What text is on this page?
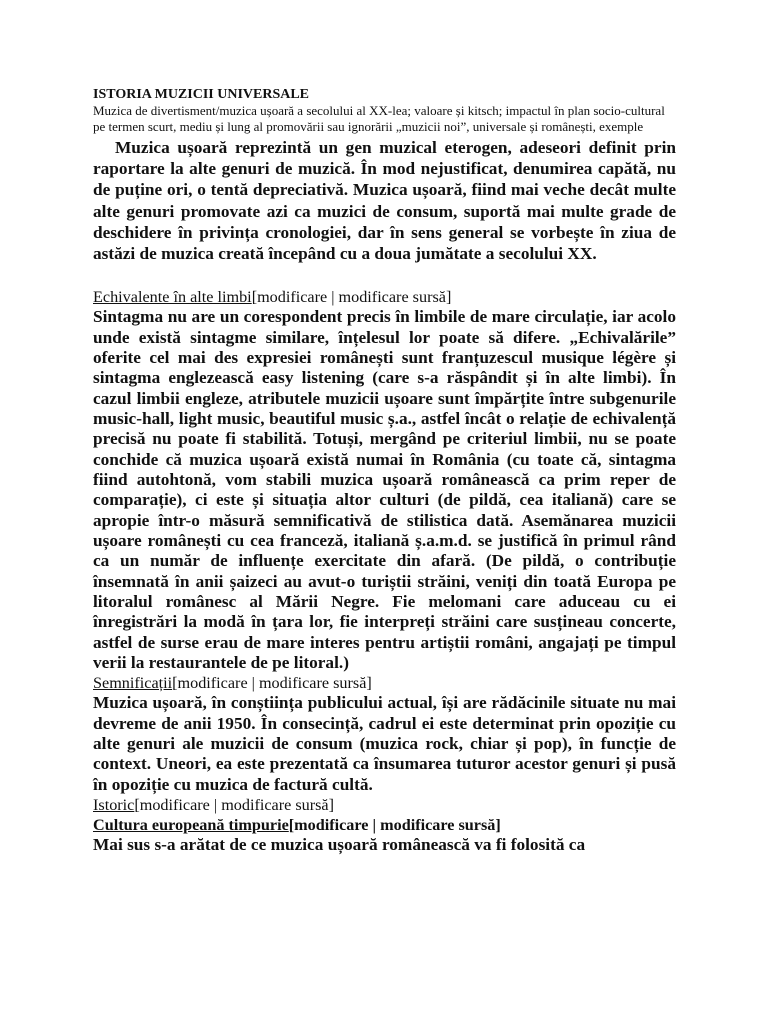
ISTORIA MUZICII UNIVERSALE

Muzica de divertisment/muzica ușoară a secolului al XX-lea; valoare și kitsch; impactul în plan socio-cultural pe termen scurt, mediu și lung al promovării sau ignorării „muzicii noi”, universale și românești, exemple

Muzica ușoară reprezintă un gen muzical eterogen, adeseori definit prin raportare la alte genuri de muzică. În mod nejustificat, denumirea capătă, nu de puține ori, o tentă depreciativă. Muzica ușoară, fiind mai veche decât multe alte genuri promovate azi ca muzici de consum, suportă mai multe grade de deschidere în privința cronologiei, dar în sens general se vorbește în ziua de astăzi de muzica creată începând cu a doua jumătate a secolului XX.

Echivalente în alte limbi[modificare | modificare sursă]

Sintagma nu are un corespondent precis în limbile de mare circulație, iar acolo unde există sintagme similare, înțelesul lor poate să difere. „Echivalările” oferite cel mai des expresiei românești sunt franțuzescul musique légère și sintagma englezească easy listening (care s-a răspândit și în alte limbi). În cazul limbii engleze, atributele muzicii ușoare sunt împărțite între subgenurile music-hall, light music, beautiful music ș.a., astfel încât o relație de echivalență precisă nu poate fi stabilită. Totuși, mergând pe criteriul limbii, nu se poate conchide că muzica ușoară există numai în România (cu toate că, sintagma fiind autohtonă, vom stabili muzica ușoară românească ca prim reper de comparație), ci este și situația altor culturi (de pildă, cea italiană) care se apropie într-o măsură semnificativă de stilistica dată. Asemănarea muzicii ușoare românești cu cea franceză, italiană ș.a.m.d. se justifică în primul rând ca un număr de influențe exercitate din afară. (De pildă, o contribuție însemnată în anii șaizeci au avut-o turiștii străini, veniți din toată Europa pe litoralul românesc al Mării Negre. Fie melomani care aduceau cu ei înregistrări la modă în țara lor, fie interpreți străini care susțineau concerte, astfel de surse erau de mare interes pentru artiștii români, angajați pe timpul verii la restaurantele de pe litoral.)

Semnificații[modificare | modificare sursă]

Muzica ușoară, în conștiința publicului actual, își are rădăcinile situate nu mai devreme de anii 1950. În consecință, cadrul ei este determinat prin opoziție cu alte genuri ale muzicii de consum (muzica rock, chiar și pop), în funcție de context. Uneori, ea este prezentată ca însumarea tuturor acestor genuri și pusă în opoziție cu muzica de factură cultă.

Istoric[modificare | modificare sursă]

Cultura europeană timpurie[modificare | modificare sursă]

Mai sus s-a arătat de ce muzica ușoară românească va fi folosită ca
